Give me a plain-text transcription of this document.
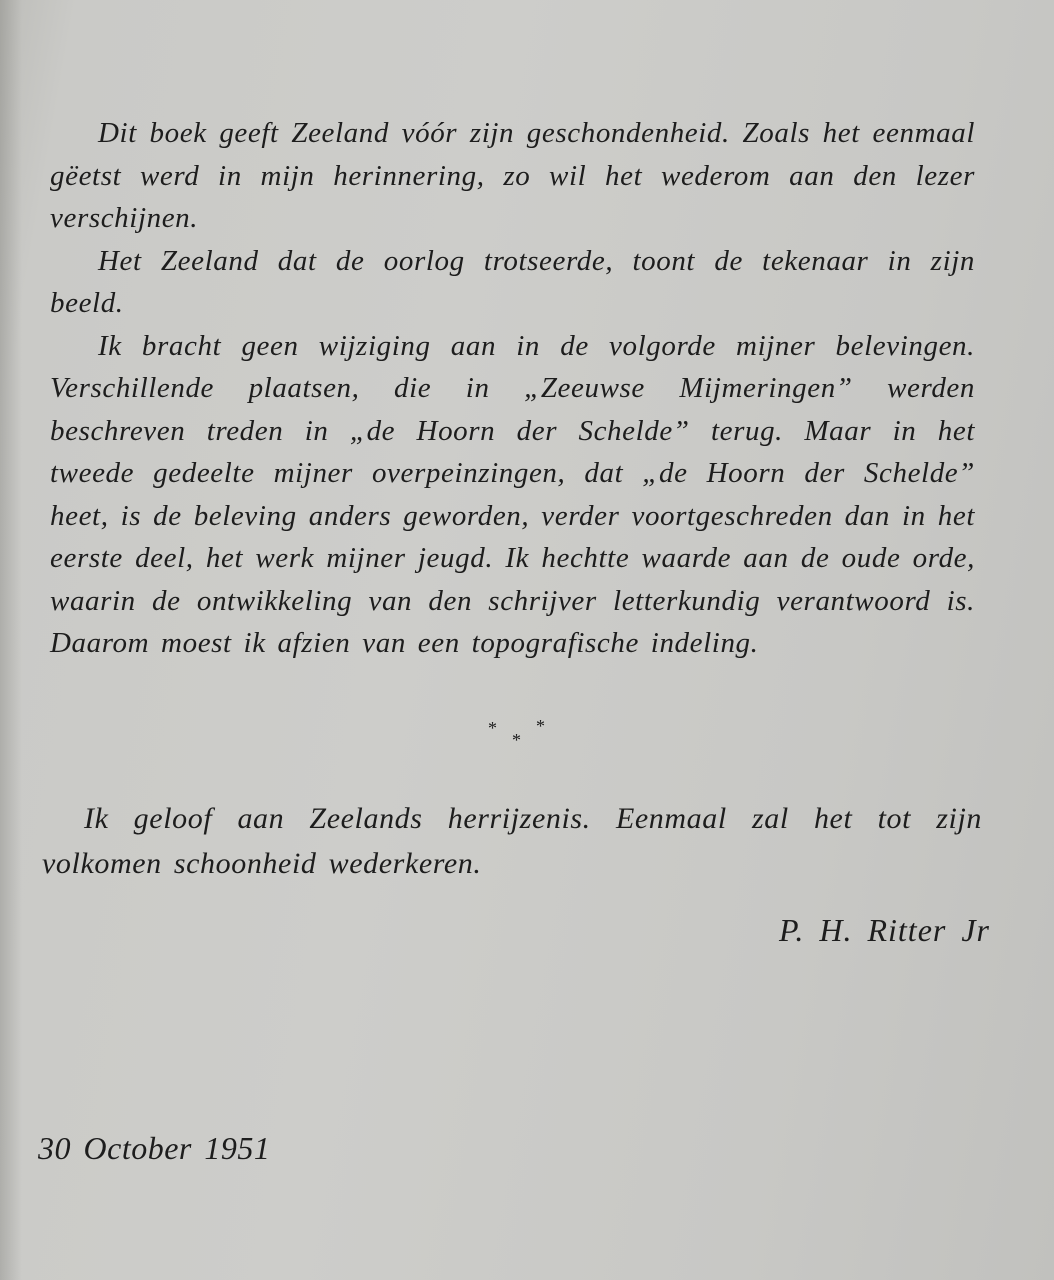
Dit boek geeft Zeeland vóór zijn geschondenheid. Zoals het eenmaal gëetst werd in mijn herinnering, zo wil het wederom aan den lezer verschijnen.

Het Zeeland dat de oorlog trotseerde, toont de tekenaar in zijn beeld.

Ik bracht geen wijziging aan in de volgorde mijner belevingen. Verschillende plaatsen, die in „Zeeuwse Mijmeringen” werden beschreven treden in „de Hoorn der Schelde” terug. Maar in het tweede gedeelte mijner overpeinzingen, dat „de Hoorn der Schelde” heet, is de beleving anders geworden, verder voortgeschreden dan in het eerste deel, het werk mijner jeugd. Ik hechtte waarde aan de oude orde, waarin de ontwikkeling van den schrijver letterkundig verantwoord is. Daarom moest ik afzien van een topografische indeling.

*
*
*

Ik geloof aan Zeelands herrijzenis. Eenmaal zal het tot zijn volkomen schoonheid wederkeren.

P. H. Ritter Jr
30 October 1951
